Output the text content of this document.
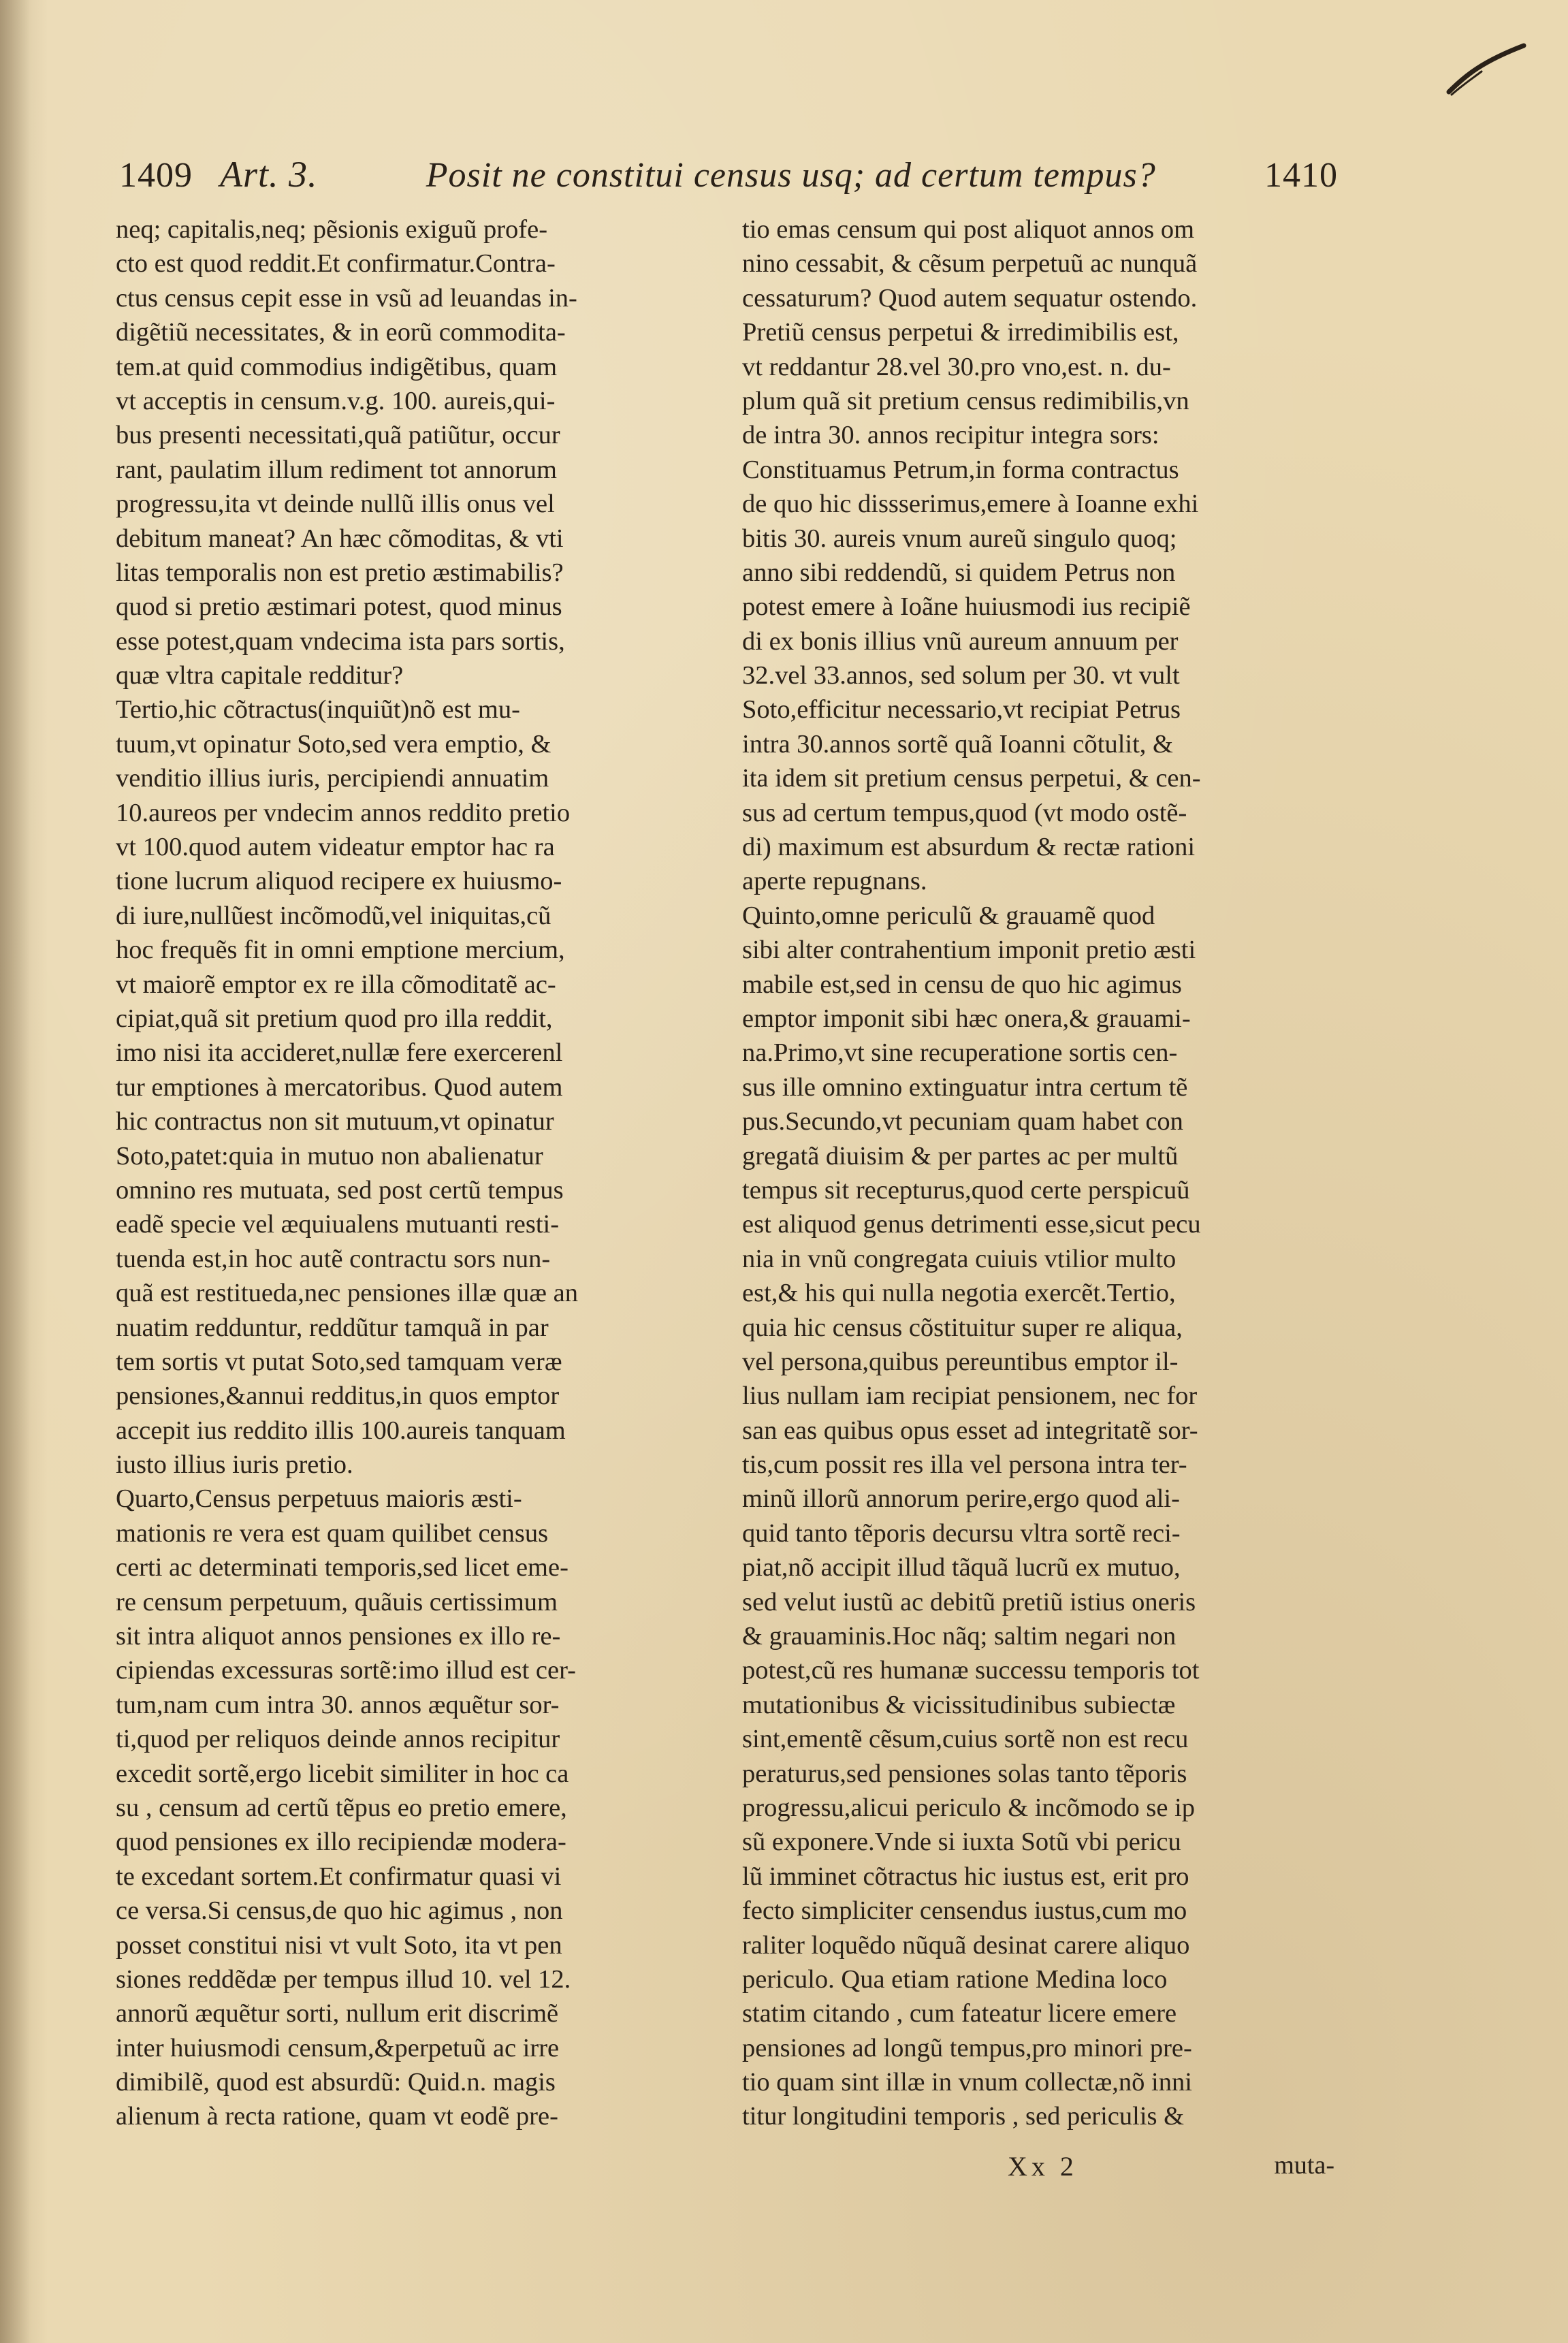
1409 Art. 3.	Posit ne constitui census usq; ad certum tempus?	1410
neq; capitalis,neq; pẽsionis exiguũ profe-
cto est quod reddit.Et confirmatur.Contra-
ctus census cepit esse in vsũ ad leuandas in-
digẽtiũ necessitates, & in eorũ commodita-
tem.at quid commodius indigẽtibus, quam
vt acceptis in censum.v.g. 100. aureis,qui-
bus presenti necessitati,quã patiũtur, occur
rant, paulatim illum rediment tot annorum
progressu,ita vt deinde nullũ illis onus vel
debitum maneat? An hæc cõmoditas, & vti
litas temporalis non est pretio æstimabilis?
quod si pretio æstimari potest, quod minus
esse potest,quam vndecima ista pars sortis,
quæ vltra capitale redditur?
Tertio,hic cõtractus(inquiũt)nõ est mu-
tuum,vt opinatur Soto,sed vera emptio, &
venditio illius iuris, percipiendi annuatim
10.aureos per vndecim annos reddito pretio
vt 100.quod autem videatur emptor hac ra
tione lucrum aliquod recipere ex huiusmo-
di iure,nullũest incõmodũ,vel iniquitas,cũ
hoc frequẽs fit in omni emptione mercium,
vt maiorẽ emptor ex re illa cõmoditatẽ ac-
cipiat,quã sit pretium quod pro illa reddit,
imo nisi ita accideret,nullæ fere exercerenl
tur emptiones à mercatoribus. Quod autem
hic contractus non sit mutuum,vt opinatur
Soto,patet:quia in mutuo non abalienatur
omnino res mutuata, sed post certũ tempus
eadẽ specie vel æquiualens mutuanti resti-
tuenda est,in hoc autẽ contractu sors nun-
quã est restitueda,nec pensiones illæ quæ an
nuatim redduntur, reddũtur tamquã in par
tem sortis vt putat Soto,sed tamquam veræ
pensiones,&annui redditus,in quos emptor
accepit ius reddito illis 100.aureis tanquam
iusto illius iuris pretio.
Quarto,Census perpetuus maioris æsti-
mationis re vera est quam quilibet census
certi ac determinati temporis,sed licet eme-
re censum perpetuum, quãuis certissimum
sit intra aliquot annos pensiones ex illo re-
cipiendas excessuras sortẽ:imo illud est cer-
tum,nam cum intra 30. annos æquẽtur sor-
ti,quod per reliquos deinde annos recipitur
excedit sortẽ,ergo licebit similiter in hoc ca
su , censum ad certũ tẽpus eo pretio emere,
quod pensiones ex illo recipiendæ modera-
te excedant sortem.Et confirmatur quasi vi
ce versa.Si census,de quo hic agimus , non
posset constitui nisi vt vult Soto, ita vt pen
siones reddẽdæ per tempus illud 10. vel 12.
annorũ æquẽtur sorti, nullum erit discrimẽ
inter huiusmodi censum,&perpetuũ ac irre
dimibilẽ, quod est absurdũ: Quid.n. magis
alienum à recta ratione, quam vt eodẽ pre-
tio emas censum qui post aliquot annos om
nino cessabit, & cẽsum perpetuũ ac nunquã
cessaturum? Quod autem sequatur ostendo.
Pretiũ census perpetui & irredimibilis est,
vt reddantur 28.vel 30.pro vno,est. n. du-
plum quã sit pretium census redimibilis,vn
de intra 30. annos recipitur integra sors:
Constituamus Petrum,in forma contractus
de quo hic dissserimus,emere à Ioanne exhi
bitis 30. aureis vnum aureũ singulo quoq;
anno sibi reddendũ, si quidem Petrus non
potest emere à Ioãne huiusmodi ius recipiẽ
di ex bonis illius vnũ aureum annuum per
32.vel 33.annos, sed solum per 30. vt vult
Soto,efficitur necessario,vt recipiat Petrus
intra 30.annos sortẽ quã Ioanni cõtulit, &
ita idem sit pretium census perpetui, & cen-
sus ad certum tempus,quod (vt modo ostẽ-
di) maximum est absurdum & rectæ rationi
aperte repugnans.
Quinto,omne periculũ & grauamẽ quod
sibi alter contrahentium imponit pretio æsti
mabile est,sed in censu de quo hic agimus
emptor imponit sibi hæc onera,& grauami-
na.Primo,vt sine recuperatione sortis cen-
sus ille omnino extinguatur intra certum tẽ
pus.Secundo,vt pecuniam quam habet con
gregatã diuisim & per partes ac per multũ
tempus sit recepturus,quod certe perspicuũ
est aliquod genus detrimenti esse,sicut pecu
nia in vnũ congregata cuiuis vtilior multo
est,& his qui nulla negotia exercẽt.Tertio,
quia hic census cõstituitur super re aliqua,
vel persona,quibus pereuntibus emptor il-
lius nullam iam recipiat pensionem, nec for
san eas quibus opus esset ad integritatẽ sor-
tis,cum possit res illa vel persona intra ter-
minũ illorũ annorum perire,ergo quod ali-
quid tanto tẽporis decursu vltra sortẽ reci-
piat,nõ accipit illud tãquã lucrũ ex mutuo,
sed velut iustũ ac debitũ pretiũ istius oneris
& grauaminis.Hoc nãq; saltim negari non
potest,cũ res humanæ successu temporis tot
mutationibus & vicissitudinibus subiectæ
sint,ementẽ cẽsum,cuius sortẽ non est recu
peraturus,sed pensiones solas tanto tẽporis
progressu,alicui periculo & incõmodo se ip
sũ exponere.Vnde si iuxta Sotũ vbi pericu
lũ imminet cõtractus hic iustus est, erit pro
fecto simpliciter censendus iustus,cum mo
raliter loquẽdo nũquã desinat carere aliquo
periculo. Qua etiam ratione Medina loco
statim citando , cum fateatur licere emere
pensiones ad longũ tempus,pro minori pre-
tio quam sint illæ in vnum collectæ,nõ inni
titur longitudini temporis , sed periculis &
Xx 2	muta-
